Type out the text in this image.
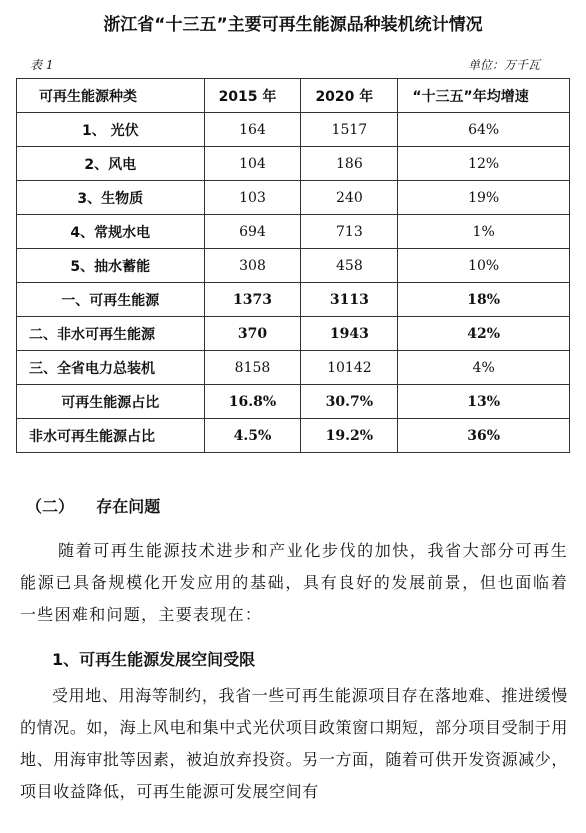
浙江省“十三五”主要可再生能源品种装机统计情况
表 1	单位：万千瓦
可再生能源种类	2015 年	2020 年	“十三五”年均增速
1、 光伏	164	1517	64%
2、风电	104	186	12%
3、生物质	103	240	19%
4、常规水电	694	713	1%
5、抽水蓄能	308	458	10%
一、可再生能源	1373	3113	18%
二、非水可再生能源	370	1943	42%
三、全省电力总装机	8158	10142	4%
可再生能源占比	16.8%	30.7%	13%
非水可再生能源占比	4.5%	19.2%	36%
（二）    存在问题
随着可再生能源技术进步和产业化步伐的加快，我省大部分可再生能源已具备规模化开发应用的基础，具有良好的发展前景，但也面临着一些困难和问题，主要表现在：
1、可再生能源发展空间受限
受用地、用海等制约，我省一些可再生能源项目存在落地难、推进缓慢的情况。如，海上风电和集中式光伏项目政策窗口期短，部分项目受制于用地、用海审批等因素，被迫放弃投资。另一方面，随着可供开发资源减少，项目收益降低，可再生能源可发展空间有
